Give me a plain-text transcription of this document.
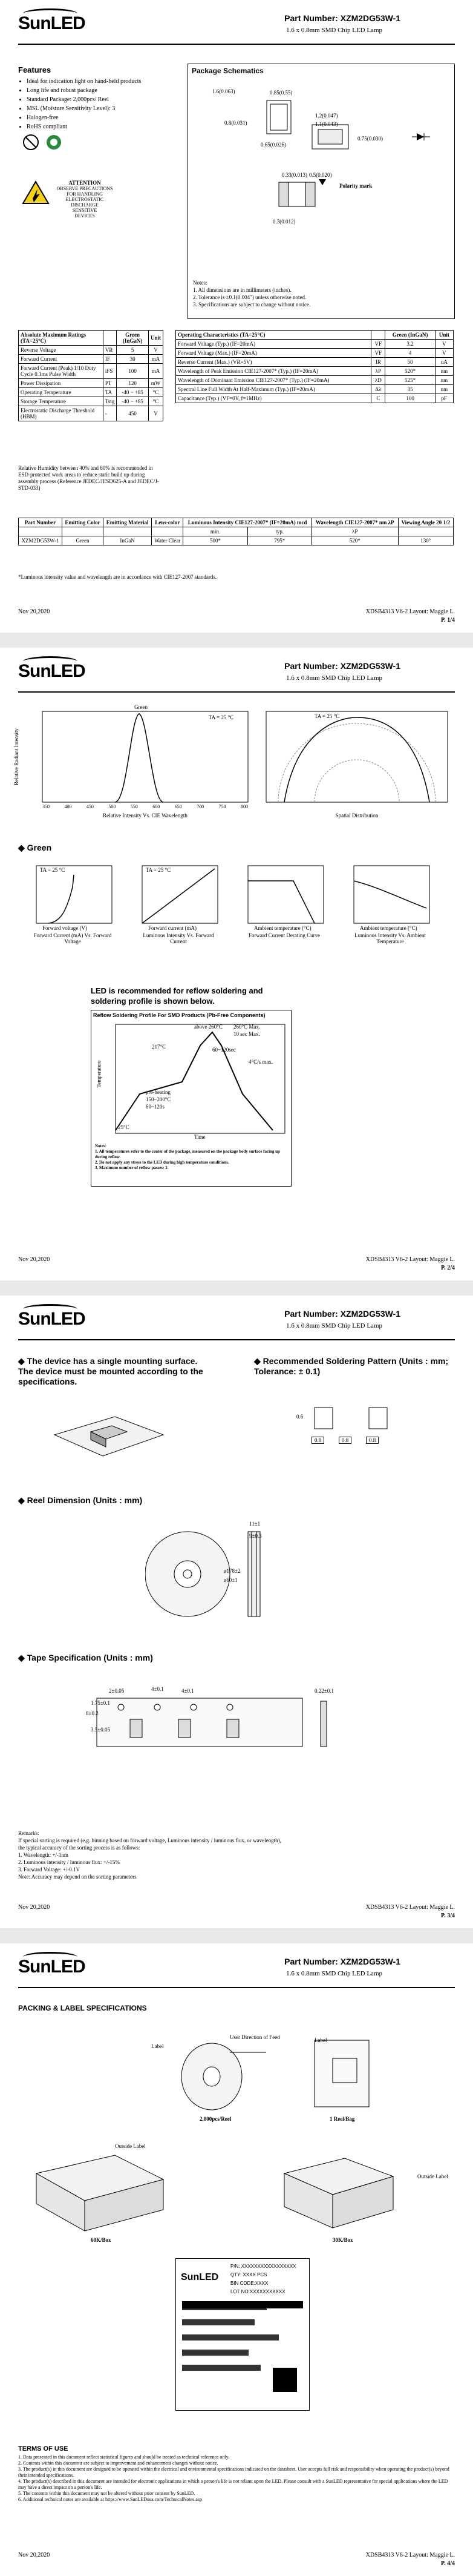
SunLED	Part Number: XZM2DG53W-1
1.6 x 0.8mm SMD Chip LED Lamp
Features
• Ideal for indication light on hand-held products
• Long life and robust package
• Standard Package: 2,000pcs/ Reel
• MSL (Moisture Sensitivity Level): 3
• Halogen-free
• RoHS compliant
ATTENTION
OBSERVE PRECAUTIONS
FOR HANDLING
ELECTROSTATIC
DISCHARGE
SENSITIVE
DEVICES
Package Schematics
0.85(0.55)
0.8(0.031)
1.6(0.063)
1.2(0.047)
1.1(0.043)
0.75(0.030)
0.65(0.026)
0.33(0.013) 0.5(0.020)
0.3(0.012)
Polarity mark
Notes:
1. All dimensions are in millimeters (inches).
2. Tolerance is ±0.1(0.004") unless otherwise noted.
3. Specifications are subject to change without notice.
Absolute Maximum Ratings (TA=25°C)		Green (InGaN)	Unit
Reverse Voltage	VR	5	V
Forward Current	IF	30	mA
Forward Current (Peak) 1/10 Duty Cycle 0.1ms Pulse Width	iFS	100	mA
Power Dissipation	PT	120	mW
Operating Temperature	TA	-40 ~ +85	°C
Storage Temperature	Tstg	-40 ~ +85	°C
Electrostatic Discharge Threshold (HBM)	-	450	V
Relative Humidity between 40% and 60% is recommended in ESD-protected work areas to reduce static build up during assembly process (Reference JEDEC/JESD625-A and JEDEC/J-STD-033)
Operating Characteristics (TA=25°C)		Green (InGaN)	Unit
Forward Voltage (Typ.) (IF=20mA)	VF	3.2	V
Forward Voltage (Max.) (IF=20mA)	VF	4	V
Reverse Current (Max.) (VR=5V)	IR	50	uA
Wavelength of Peak Emission CIE127-2007* (Typ.) (IF=20mA)	λP	520*	nm
Wavelength of Dominant Emission CIE127-2007* (Typ.) (IF=20mA)	λD	525*	nm
Spectral Line Full Width At Half-Maximum (Typ.) (IF=20mA)	Δλ	35	nm
Capacitance (Typ.) (VF=0V, f=1MHz)	C	100	pF
Part Number	Emitting Color	Emitting Material	Lens-color	Luminous Intensity CIE127-2007* (IF=20mA) mcd		Wavelength CIE127-2007* nm λP	Viewing Angle 2θ 1/2
				min.	typ.	λP	
XZM2DG53W-1	Green	InGaN	Water Clear	500*	795*	520*	130°
*Luminous intensity value and wavelength are in accordance with CIE127-2007 standards.
Nov 20,2020	XDSB4313 V6-2 Layout: Maggie L.
P. 1/4
SunLED	Part Number: XZM2DG53W-1
1.6 x 0.8mm SMD Chip LED Lamp
Green
TA = 25 °C
Relative Radiant Intensity
350	400	450	500	550	600	650	700	750	800
Relative Intensity Vs. CIE Wavelength
TA = 25 °C
Spatial Distribution
◆ Green
TA = 25 °C
Forward voltage (V)
Forward Current (mA) Vs. Forward Voltage
TA = 25 °C
Forward current (mA)
Luminous Intensity Vs. Forward Current
Ambient temperature (°C)
Forward Current Derating Curve
Ambient temperature (°C)
Luminous Intensity Vs. Ambient Temperature
LED is recommended for reflow soldering and
soldering profile is shown below.
Reflow Soldering Profile For SMD Products (Pb-Free Components)
above 260°C 260°C Max.
10 sec Max.
217°C	60~120sec
4°C/s max.
pre-heating
150~200°C
60~120s
25°C
Time
Temperature
Notes:
1. All temperatures refer to the center of the package, measured on the package body surface facing up during reflow.
2. Do not apply any stress to the LED during high temperature conditions.
3. Maximum number of reflow passes: 2
Nov 20,2020	XDSB4313 V6-2 Layout: Maggie L.
P. 2/4
SunLED	Part Number: XZM2DG53W-1
1.6 x 0.8mm SMD Chip LED Lamp
◆ The device has a single mounting surface. The device must be mounted according to the specifications.
◆ Recommended Soldering Pattern (Units : mm; Tolerance: ± 0.1)
0.8	0.8	0.8
0.6
◆ Reel Dimension (Units : mm)
11±1
9±0.3
ø178±2
ø60±1
◆ Tape Specification (Units : mm)
8±0.2
4±0.1
2±0.05	4±0.1
3.5±0.05
1.75±0.1
0.22±0.1
Remarks:
If special sorting is required (e.g. binning based on forward voltage, Luminous intensity / luminous flux, or wavelength),
the typical accuracy of the sorting process is as follows:
1. Wavelength: +/-1nm
2. Luminous intensity / luminous flux: +/-15%
3. Forward Voltage: +/-0.1V
Note: Accuracy may depend on the sorting parameters
Nov 20,2020	XDSB4313 V6-2 Layout: Maggie L.
P. 3/4
SunLED	Part Number: XZM2DG53W-1
1.6 x 0.8mm SMD Chip LED Lamp
PACKING & LABEL SPECIFICATIONS
User Direction of Feed
2,000pcs/Reel	1 Reel/Bag
Label
Label
Outside Label
60K/Box
Outside Label
30K/Box
SunLED
P/N: XXXXXXXXXXXXXXXXX
QTY: XXXX PCS
BIN CODE:XXXX
LOT NO:XXXXXXXXXXX
TERMS OF USE
1. Data presented in this document reflect statistical figures and should be treated as technical reference only.
2. Contents within this document are subject to improvement and enhancement changes without notice.
3. The product(s) in this document are designed to be operated within the electrical and environmental specifications indicated on the datasheet. User accepts full risk and responsibility when operating the product(s) beyond their intended specifications.
4. The product(s) described in this document are intended for electronic applications in which a person's life is not reliant upon the LED. Please consult with a SunLED representative for special applications where the LED may have a direct impact on a person's life.
5. The contents within this document may not be altered without prior consent by SunLED.
6. Additional technical notes are available at https://www.SunLEDusa.com/TechnicalNotes.asp
Nov 20,2020	XDSB4313 V6-2 Layout: Maggie L.
P. 4/4
